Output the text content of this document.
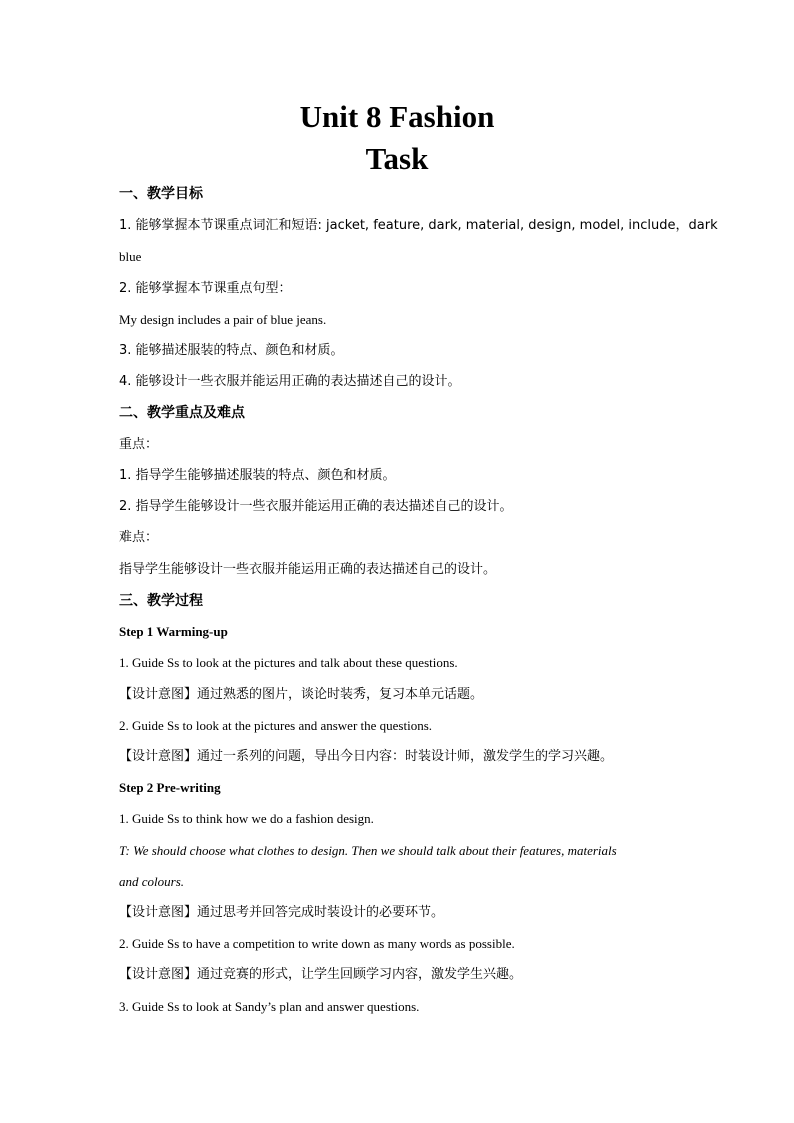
Unit 8 Fashion
Task

一、教学目标

1. 能够掌握本节课重点词汇和短语: jacket, feature, dark, material, design, model, include，dark

blue

2. 能够掌握本节课重点句型：

My design includes a pair of blue jeans.

3. 能够描述服装的特点、颜色和材质。

4. 能够设计一些衣服并能运用正确的表达描述自己的设计。

二、教学重点及难点

重点：

1. 指导学生能够描述服装的特点、颜色和材质。

2. 指导学生能够设计一些衣服并能运用正确的表达描述自己的设计。

难点：

指导学生能够设计一些衣服并能运用正确的表达描述自己的设计。

三、教学过程

Step 1 Warming-up

1. Guide Ss to look at the pictures and talk about these questions.

【设计意图】通过熟悉的图片，谈论时装秀，复习本单元话题。

2. Guide Ss to look at the pictures and answer the questions.

【设计意图】通过一系列的问题，导出今日内容：时装设计师，激发学生的学习兴趣。

Step 2 Pre-writing

1. Guide Ss to think how we do a fashion design.

T: We should choose what clothes to design. Then we should talk about their features, materials

and colours.

【设计意图】通过思考并回答完成时装设计的必要环节。

2. Guide Ss to have a competition to write down as many words as possible.

【设计意图】通过竞赛的形式，让学生回顾学习内容，激发学生兴趣。

3. Guide Ss to look at Sandy’s plan and answer questions.
